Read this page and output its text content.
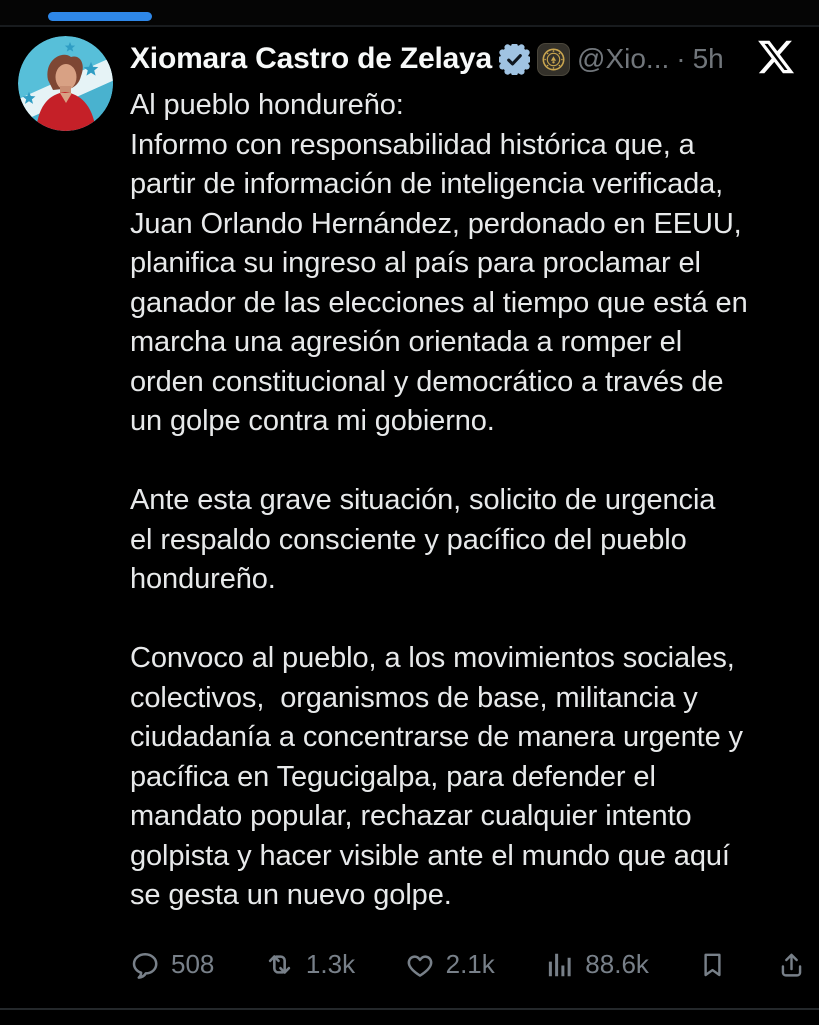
Xiomara Castro de Zelaya	@Xio... · 5h
Al pueblo hondureño:
Informo con responsabilidad histórica que, a
partir de información de inteligencia verificada,
Juan Orlando Hernández, perdonado en EEUU,
planifica su ingreso al país para proclamar el
ganador de las elecciones al tiempo que está en
marcha una agresión orientada a romper el
orden constitucional y democrático a través de
un golpe contra mi gobierno.
Ante esta grave situación, solicito de urgencia
el respaldo consciente y pacífico del pueblo
hondureño.
Convoco al pueblo, a los movimientos sociales,
colectivos,  organismos de base, militancia y
ciudadanía a concentrarse de manera urgente y
pacífica en Tegucigalpa, para defender el
mandato popular, rechazar cualquier intento
golpista y hacer visible ante el mundo que aquí
se gesta un nuevo golpe.
508	1.3k	2.1k	88.6k
